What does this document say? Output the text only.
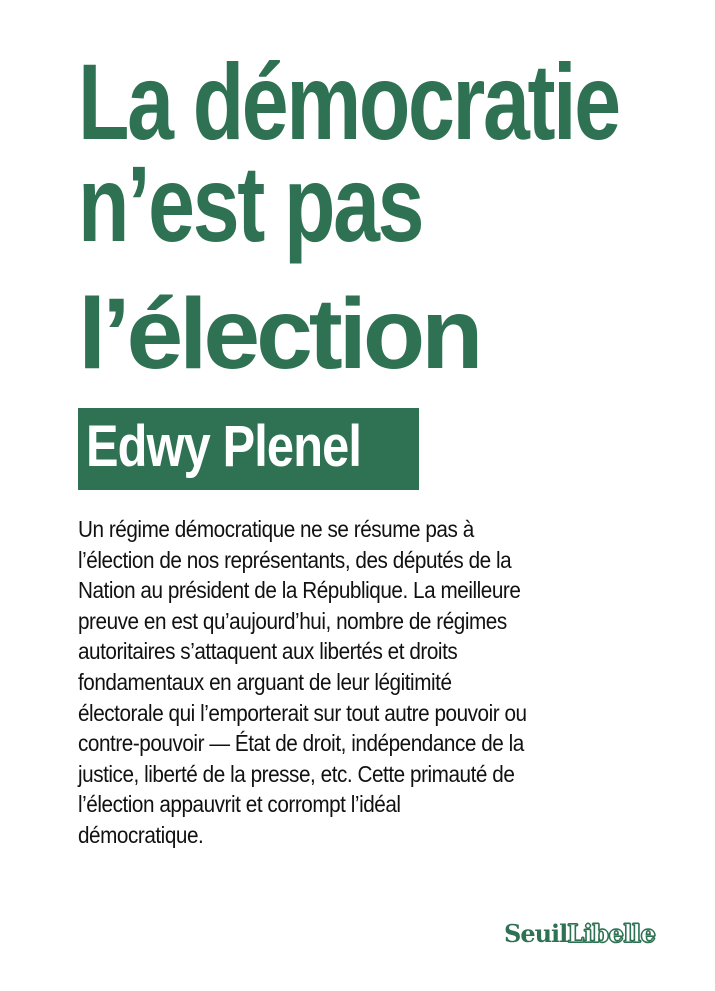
La démocratie
n’est pas
l’élection
Edwy Plenel
Un régime démocratique ne se résume pas à
l’élection de nos représentants, des députés de la
Nation au président de la République. La meilleure
preuve en est qu’aujourd’hui, nombre de régimes
autoritaires s’attaquent aux libertés et droits
fondamentaux en arguant de leur légitimité
électorale qui l’emporterait sur tout autre pouvoir ou
contre-pouvoir — État de droit, indépendance de la
justice, liberté de la presse, etc. Cette primauté de
l’élection appauvrit et corrompt l’idéal
démocratique.
SeuilLibelle
